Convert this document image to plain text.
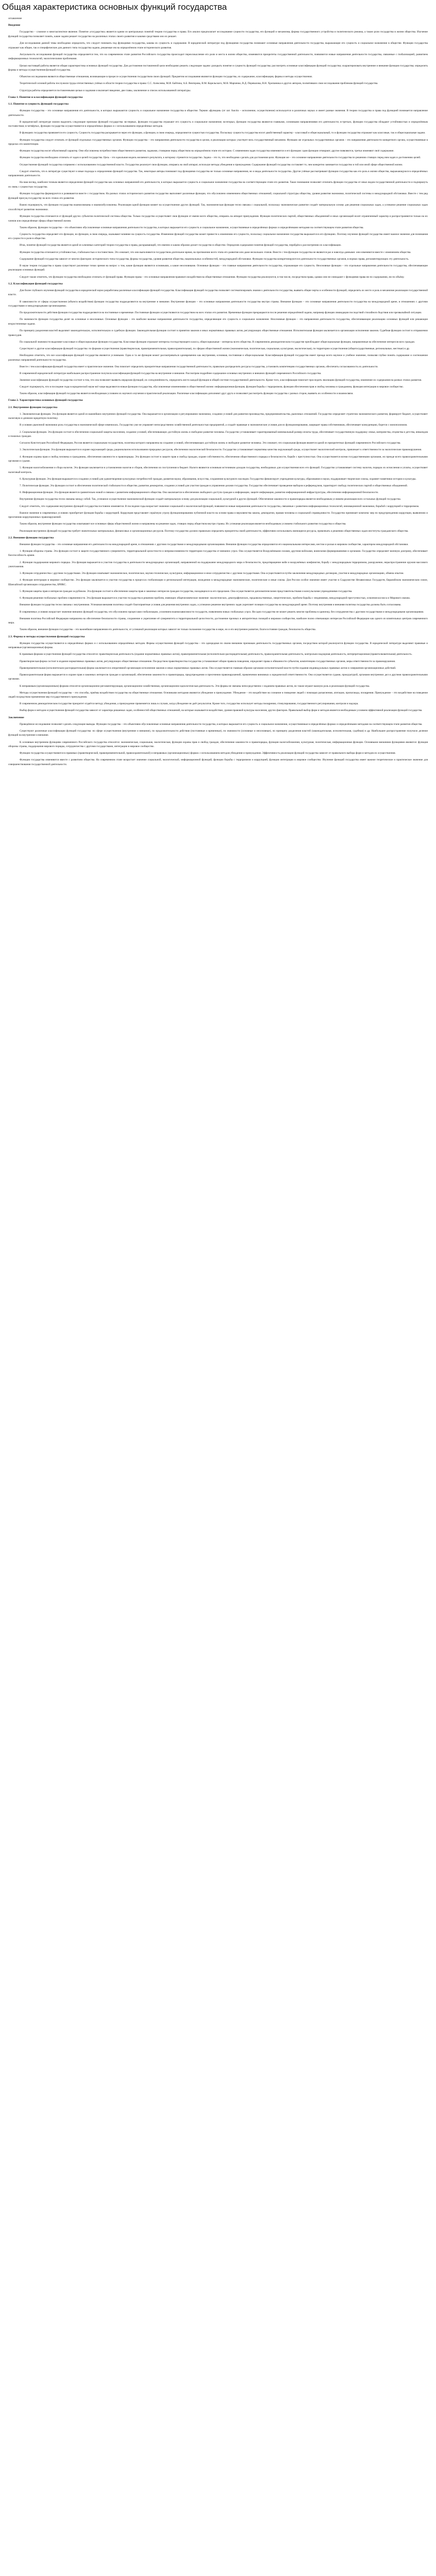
Общая характеристика основных функций государства

оглавление

Введение

Государство – сложное и многоаспектное явление. Понятие «государство» является одним из центральных понятий теории государства и права. Его анализ предполагает исследование сущности государства, его функций и механизма, формы государственного устройства и политического режима, а также роли государства в жизни общества. Изучение функций государства позволяет понять, какие задачи решает государство на различных этапах своего развития и какими средствами оно их решает.

Для исследования данной темы необходимо определить, что следует понимать под функциями государства, какова их сущность и содержание. В юридической литературе под функциями государства понимают основные направления деятельности государства, выражающие его сущность и социальное назначение в обществе. Функции государства отражают как общие, так и специфические для данного типа государства задачи, решаемые им на определённом этапе исторического развития.

Актуальность исследования функций государства определяется тем, что на современном этапе развития Российского государства происходит переосмысление его роли и места в жизни общества, изменяются приоритеты государственной деятельности, появляются новые направления деятельности государства, связанные с глобализацией, развитием информационных технологий, экологическими проблемами.

Целью настоящей работы является общая характеристика основных функций государства. Для достижения поставленной цели необходимо решить следующие задачи: раскрыть понятие и сущность функций государства; рассмотреть основные классификации функций государства; охарактеризовать внутренние и внешние функции государства; определить формы и методы осуществления функций государства.

Объектом исследования являются общественные отношения, возникающие в процессе осуществления государством своих функций. Предметом исследования являются функции государства, их содержание, классификация, формы и методы осуществления.

Теоретической основой работы послужили труды отечественных учёных в области теории государства и права: С.С. Алексеева, М.И. Байтина, А.Б. Венгерова, В.М. Корельского, М.Н. Марченко, В.Д. Перевалова, В.Н. Хропанюка и других авторов, посвятивших свои исследования проблемам функций государства.

Структура работы определяется поставленными целью и задачами и включает введение, две главы, заключение и список использованной литературы.

Глава 1. Понятие и классификация функций государства

1.1. Понятие и сущность функций государства

Функции государства – это основные направления его деятельности, в которых выражаются сущность и социальное назначение государства в обществе. Термин «функция» (от лат. functio – исполнение, осуществление) используется в различных науках и имеет разные значения. В теории государства и права под функцией понимается направление деятельности.

В юридической литературе можно выделить следующие признаки функций государства: во-первых, функции государства отражают его сущность и социальное назначение; во-вторых, функции государства являются главными, основными направлениями его деятельности; в-третьих, функции государства обладают устойчивостью и определённым постоянством; в-четвёртых, функции государства осуществляются в определённых формах и с использованием определённых методов.

В функциях государства проявляется его сущность. Сущность государства раскрывается через его функции, а функции, в свою очередь, определяются сущностью государства. Поскольку сущность государства носит двойственный характер – классовый и общесоциальный, то и функции государства отражают как классовые, так и общесоциальные задачи.

Функции государства следует отличать от функций отдельных государственных органов. Функции государства – это направления деятельности государства в целом, в реализации которых участвует весь государственный механизм. Функции же отдельных государственных органов – это направления деятельности конкретного органа, осуществляемые в пределах его компетенции.

Функции государства носят объективный характер. Они обусловлены потребностями общественного развития, задачами, стоящими перед обществом на определённом этапе его истории. С изменением задач государства изменяются и его функции: одни функции отмирают, другие появляются, третьи изменяют своё содержание.

Функции государства необходимо отличать от задач и целей государства. Цель – это идеальная модель желаемого результата, к которому стремится государство. Задача – это то, что необходимо сделать для достижения цели. Функция же – это основное направление деятельности государства по решению стоящих перед ним задач и достижению целей.

Осуществление функций государства сопряжено с использованием государственной власти. Государство реализует свои функции, опираясь на свой аппарат, используя методы убеждения и принуждения. Содержание функций государства составляет то, чем конкретно занимается государство в той или иной сфере общественной жизни.

Следует отметить, что в литературе существуют и иные подходы к определению функций государства. Так, некоторые авторы понимают под функциями государства не только основные направления, но и виды деятельности государства. Другие учёные рассматривают функции государства как его роль в жизни общества, выражающуюся в определённых направлениях деятельности.

На наш взгляд, наиболее точным является определение функций государства как основных направлений его деятельности, в которых выражается сущность и социальное назначение государства на соответствующем этапе его развития. Такое понимание позволяет отличить функции государства от иных видов государственной деятельности и подчеркнуть их связь с сущностью государства.

Функции государства формируются и развиваются вместе с государством. На разных этапах исторического развития государство выполняет различные функции, что обусловлено изменением общественных отношений, социальной структуры общества, уровня развития экономики, политической системы и международной обстановки. Вместе с тем ряд функций присущ государству на всех этапах его развития.

Важно подчеркнуть, что функции государства взаимосвязаны и взаимообусловлены. Реализация одной функции влияет на осуществление других функций. Так, экономическая функция тесно связана с социальной, поскольку экономическое развитие создаёт материальную основу для решения социальных задач, а успешное решение социальных задач способствует развитию экономики.

Функции государства отличаются от функций других субъектов политической системы общества. Только государство осуществляет свои функции от имени всего общества, опираясь на аппарат принуждения. Функции политических партий, общественных объединений и иных организаций носят ограниченный характер и распространяются только на их членов или определённые сферы общественной жизни.

Таким образом, функции государства – это объективно обусловленные основные направления деятельности государства, в которых выражается его сущность и социальное назначение, осуществляемые в определённых формах и определёнными методами на соответствующем этапе развития общества.

Сущность государства определяет его функции, но функции, в свою очередь, оказывают влияние на сущность государства. Изменение функций государства может привести к изменению его сущности, поскольку социальное назначение государства выражается в его функциях. Поэтому изучение функций государства имеет важное значение для понимания его сущности и роли в обществе.

Итак, понятие функций государства является одной из ключевых категорий теории государства и права, раскрывающей, что именно и каким образом делает государство в обществе. Определив содержание понятия функций государства, перейдём к рассмотрению их классификации.

Функции государства отличаются устойчивостью, стабильностью и постоянством. Это означает, что они выполняются государством длительное время, на протяжении всего этапа его развития или даже нескольких этапов. Вместе с тем функции государства не являются раз и навсегда данными: они изменяются вместе с изменением общества.

Содержание функций государства зависит от многих факторов: исторического типа государства, формы государства, уровня развития общества, национальных особенностей, международной обстановки. Функции государства конкретизируются в деятельности государственных органов, в нормах права, регламентирующих эту деятельность.

В науке теории государства и права существуют различные точки зрения на вопрос о том, какие функции являются основными, а какие неосновными. Основные функции – это главные направления деятельности государства, отражающие его сущность. Неосновные функции – это отдельные направления деятельности государства, обеспечивающие реализацию основных функций.

Следует также отметить, что функции государства необходимо отличать от функций права. Функции права – это основные направления правового воздействия на общественные отношения. Функции государства реализуются, в том числе, посредством права, однако они не совпадают с функциями права ни по содержанию, ни по объёму.

1.2. Классификация функций государства

Для более глубокого изучения функций государства в юридической науке разработаны различные классификации функций государства. Классификация функций государства позволяет систематизировать знания о деятельности государства, выявить общие черты и особенности функций, определить их место и роль в механизме реализации государственной власти.

В зависимости от сферы осуществления (объекта воздействия) функции государства подразделяются на внутренние и внешние. Внутренние функции – это основные направления деятельности государства внутри страны. Внешние функции – это основные направления деятельности государства на международной арене, в отношениях с другими государствами и международными организациями.

По продолжительности действия функции государства подразделяются на постоянные и временные. Постоянные функции осуществляются государством на всех этапах его развития. Временные функции прекращаются после решения определённой задачи, например функция ликвидации последствий стихийного бедствия или чрезвычайной ситуации.

По значимости функции государства делят на основные и неосновные. Основные функции – это наиболее важные направления деятельности государства, определяющие его сущность и социальное назначение. Неосновные функции – это направления деятельности государства, обеспечивающие реализацию основных функций или решающие второстепенные задачи.

По принципу разделения властей выделяют законодательную, исполнительную и судебную функции. Законодательная функция состоит в принятии законов и иных нормативных правовых актов, регулирующих общественные отношения. Исполнительная функция заключается в организации исполнения законов. Судебная функция состоит в отправлении правосудия.

По социальной значимости выделяют классовые и общесоциальные функции государства. Классовые функции отражают интересы господствующего класса, общесоциальные – интересы всего общества. В современном демократическом государстве преобладают общесоциальные функции, направленные на обеспечение интересов всех граждан.

Существуют и другие классификации функций государства: по формам осуществления (правотворческая, правоприменительная, правоохранительная), по сферам общественной жизни (экономическая, политическая, социальная, культурная, экологическая), по территории осуществления (общегосударственные, региональные, местные) и др.

Необходимо отметить, что все классификации функций государства являются условными. Одна и та же функция может рассматриваться одновременно как внутренняя, основная, постоянная и общесоциальная. Классификация функций государства имеет прежде всего научное и учебное значение, позволяя глубже понять содержание и соотношение различных направлений деятельности государства.

Вместе с тем классификация функций государства имеет и практическое значение. Она помогает определить приоритетные направления государственной деятельности, правильно распределить ресурсы государства, установить компетенцию государственных органов, обеспечить согласованность их деятельности.

В современной юридической литературе наибольшее распространение получила классификация функций государства на внутренние и внешние. Рассмотрим подробнее содержание основных внутренних и внешних функций современного Российского государства.

Значение классификации функций государства состоит в том, что она позволяет выявить иерархию функций, их соподчинённость, определить место каждой функции в общей системе государственной деятельности. Кроме того, классификация помогает проследить эволюцию функций государства, изменение их содержания на разных этапах развития.

Следует подчеркнуть, что в последние годы в юридической науке всё чаще выделяются новые функции государства, обусловленные изменениями в общественной жизни: информационная функция, функция борьбы с терроризмом, функция обеспечения прав и свобод человека и гражданина, функция интеграции в мировое сообщество.

Таким образом, классификация функций государства является необходимым условием их научного изучения и практической реализации. Различные классификации дополняют друг друга и позволяют рассмотреть функции государства с разных сторон, выявить их особенности и взаимосвязи.

Глава 2. Характеристика основных функций государства

2.1. Внутренние функции государства

1. Экономическая функция. Эта функция является одной из важнейших внутренних функций государства. Она выражается в организации и регулировании экономики, создании условий для развития производства, предпринимательства, рыночных отношений. Государство определяет стратегию экономического развития, формирует бюджет, осуществляет налоговую и денежно-кредитную политику.

В условиях рыночной экономики роль государства в экономической сфере изменилась. Государство уже не управляет непосредственно хозяйственной деятельностью предприятий, а создаёт правовые и экономические условия для их функционирования, защищает права собственников, обеспечивает конкуренцию, борется с монополизмом.

2. Социальная функция. Эта функция состоит в обеспечении социальной защиты населения, создании условий, обеспечивающих достойную жизнь и свободное развитие человека. Государство устанавливает гарантированный минимальный размер оплаты труда, обеспечивает государственную поддержку семьи, материнства, отцовства и детства, инвалидов и пожилых граждан.

Согласно Конституции Российской Федерации, Россия является социальным государством, политика которого направлена на создание условий, обеспечивающих достойную жизнь и свободное развитие человека. Это означает, что социальная функция является одной из приоритетных функций современного Российского государства.

3. Экологическая функция. Эта функция выражается в охране окружающей среды, рациональном использовании природных ресурсов, обеспечении экологической безопасности. Государство устанавливает нормативы качества окружающей среды, осуществляет экологический контроль, привлекает к ответственности за экологические правонарушения.

4. Функция охраны прав и свобод человека и гражданина, обеспечения законности и правопорядка. Эта функция состоит в защите прав и свобод граждан, охране собственности, обеспечении общественного порядка и безопасности, борьбе с преступностью. Она осуществляется всеми государственными органами, но прежде всего правоохранительными органами и судами.

5. Функция налогообложения и сбора налогов. Эта функция заключается в установлении налогов и сборов, обеспечении их поступления в бюджет. Налоги являются основным источником доходов государства, необходимых для осуществления всех его функций. Государство устанавливает систему налогов, порядок их исчисления и уплаты, осуществляет налоговый контроль.

6. Культурная функция. Эта функция выражается в создании условий для удовлетворения культурных потребностей граждан, развития науки, образования, искусства, сохранения культурного наследия. Государство финансирует учреждения культуры, образования и науки, поддерживает творческие союзы, охраняет памятники истории и культуры.

7. Политическая функция. Эта функция состоит в обеспечении политической стабильности в обществе, развитии демократии, создании условий для участия граждан в управлении делами государства. Государство обеспечивает проведение выборов и референдумов, гарантирует свободу политических партий и общественных объединений.

8. Информационная функция. Эта функция является сравнительно новой и связана с развитием информационного общества. Она заключается в обеспечении свободного доступа граждан к информации, защите информации, развитии информационной инфраструктуры, обеспечении информационной безопасности.

Внутренние функции государства тесно связаны между собой. Так, успешное осуществление экономической функции создаёт материальную основу для реализации социальной, культурной и других функций. Обеспечение законности и правопорядка является необходимым условием реализации всех остальных функций государства.

Следует отметить, что содержание внутренних функций государства постоянно изменяется. В последние годы возрастает значение социальной и экологической функций, появляются новые направления деятельности государства, связанные с развитием информационных технологий, инновационной экономики, борьбой с коррупцией и терроризмом.

Важное значение в современных условиях приобретает функция борьбы с коррупцией. Коррупция представляет серьёзную угрозу функционированию публичной власти на основе права и верховенства закона, демократии, правам человека и социальной справедливости. Государство принимает комплекс мер по предупреждению коррупции, выявлению и пресечению коррупционных правонарушений.

Таким образом, внутренние функции государства охватывают все основные сферы общественной жизни и направлены на решение задач, стоящих перед обществом внутри страны. Их успешная реализация является необходимым условием стабильного развития государства и общества.

Реализация внутренних функций государства требует значительных материальных, финансовых и организационных ресурсов. Поэтому государство должно правильно определять приоритеты своей деятельности, эффективно использовать имеющиеся ресурсы, привлекать к решению общественных задач институты гражданского общества.

2.2. Внешние функции государства

Внешние функции государства – это основные направления его деятельности на международной арене, в отношениях с другими государствами и международными организациями. Внешние функции государства определяются его национальными интересами, местом и ролью в мировом сообществе, характером международной обстановки.

1. Функция обороны страны. Эта функция состоит в защите государственного суверенитета, территориальной целостности и неприкосновенности территории государства от внешних угроз. Она осуществляется Вооружёнными силами, другими войсками, воинскими формированиями и органами. Государство определяет военную доктрину, обеспечивает боеспособность армии.

2. Функция поддержания мирового порядка. Эта функция выражается в участии государства в деятельности международных организаций, направленной на поддержание международного мира и безопасности, предотвращение войн и вооружённых конфликтов, борьбу с международным терроризмом, разоружение, нераспространение оружия массового уничтожения.

3. Функция сотрудничества с другими государствами. Эта функция охватывает экономическое, политическое, научно-техническое, культурное, информационное и иное сотрудничество с другими государствами. Она осуществляется путём заключения международных договоров, участия в международных организациях, обмена опытом.

4. Функция интеграции в мировое сообщество. Эта функция заключается в участии государства в процессах глобализации и региональной интеграции, вхождении в международные экономические, политические и иные союзы. Для России особое значение имеет участие в Содружестве Независимых Государств, Евразийском экономическом союзе, Шанхайской организации сотрудничества, БРИКС.

5. Функция защиты прав и интересов граждан за рубежом. Эта функция состоит в обеспечении защиты прав и законных интересов граждан государства, находящихся за его пределами. Она осуществляется дипломатическими представительствами и консульскими учреждениями государства.

6. Функция решения глобальных проблем современности. Эта функция выражается в участии государства в решении проблем, имеющих общечеловеческое значение: экологических, демографических, продовольственных, энергетических, проблем борьбы с эпидемиями, международной преступностью, освоения космоса и Мирового океана.

Внешние функции государства тесно связаны с внутренними. Успешная внешняя политика создаёт благоприятные условия для решения внутренних задач, а успешное решение внутренних задач укрепляет позиции государства на международной арене. Поэтому внутренняя и внешняя политика государства должны быть согласованы.

В современных условиях возрастает значение внешних функций государства, что обусловлено процессами глобализации, усилением взаимозависимости государств, появлением новых глобальных угроз. Ни одно государство не может решить многие проблемы в одиночку, без сотрудничества с другими государствами и международными организациями.

Внешняя политика Российской Федерации направлена на обеспечение безопасности страны, сохранение и укрепление её суверенитета и территориальной целостности, достижение прочных и авторитетных позиций в мировом сообществе, наиболее полно отвечающих интересам Российской Федерации как одного из влиятельных центров современного мира.

Таким образом, внешние функции государства – это важнейшие направления его деятельности, от успешной реализации которых зависит не только положение государства в мире, но и его внутреннее развитие, благосостояние граждан, безопасность общества.

2.3. Формы и методы осуществления функций государства

Функции государства осуществляются в определённых формах и с использованием определённых методов. Формы осуществления функций государства – это однородная по своим внешним признакам деятельность государственных органов, посредством которой реализуются функции государства. В юридической литературе выделяют правовые и неправовые (организационные) формы.

К правовым формам осуществления функций государства относятся: правотворческая деятельность (издание нормативных правовых актов), правоприменительная (исполнительно-распорядительная) деятельность, правоохранительная деятельность, контрольно-надзорная деятельность, интерпретационная (правотолковательная) деятельность.

Правотворческая форма состоит в издании нормативных правовых актов, регулирующих общественные отношения. Посредством правотворчества государство устанавливает общие правила поведения, определяет права и обязанности субъектов, компетенцию государственных органов, меры ответственности за правонарушения.

Правоприменительная (исполнительно-распорядительная) форма заключается в оперативной организации исполнения законов и иных нормативных правовых актов. Она осуществляется главным образом органами исполнительной власти путём издания индивидуальных правовых актов и совершения организационных действий.

Правоохранительная форма выражается в охране прав и законных интересов граждан и организаций, обеспечении законности и правопорядка, предупреждении и пресечении правонарушений, привлечении виновных к юридической ответственности. Она осуществляется судами, прокуратурой, органами внутренних дел и другими правоохранительными органами.

К неправовым (организационным) формам относятся организационно-регламентирующая, организационно-хозяйственная, организационно-идеологическая деятельность. Эти формы не связаны непосредственно с изданием правовых актов, но также играют важную роль в реализации функций государства.

Методы осуществления функций государства – это способы, приёмы воздействия государства на общественные отношения. Основными методами являются убеждение и принуждение. Убеждение – это воздействие на сознание и поведение людей с помощью разъяснения, агитации, пропаганды, поощрения. Принуждение – это воздействие на поведение людей посредством применения мер государственного принуждения.

В современном демократическом государстве приоритет отдаётся методу убеждения, а принуждение применяется лишь в случаях, когда убеждение не даёт результатов. Кроме того, государство использует методы поощрения, стимулирования, государственного регулирования, контроля и надзора.

Выбор форм и методов осуществления функций государства зависит от характера решаемых задач, особенностей общественных отношений, на которые оказывается воздействие, уровня правовой культуры населения, других факторов. Правильный выбор форм и методов является необходимым условием эффективной реализации функций государства.

Заключение

Проведённое исследование позволяет сделать следующие выводы. Функции государства – это объективно обусловленные основные направления деятельности государства, в которых выражается его сущность и социальное назначение, осуществляемые в определённых формах и определёнными методами на соответствующем этапе развития общества.

Существуют различные классификации функций государства: по сфере осуществления (внутренние и внешние), по продолжительности действия (постоянные и временные), по значимости (основные и неосновные), по принципу разделения властей (законодательная, исполнительная, судебная) и др. Наибольшее распространение получило деление функций на внутренние и внешние.

К основным внутренним функциям современного Российского государства относятся: экономическая, социальная, экологическая, функция охраны прав и свобод граждан, обеспечения законности и правопорядка, функция налогообложения, культурная, политическая, информационная функции. Основными внешними функциями являются: функция обороны страны, поддержания мирового порядка, сотрудничества с другими государствами, интеграции в мировое сообщество.

Функции государства осуществляются в правовых (правотворческой, правоприменительной, правоохранительной) и неправовых (организационных) формах с использованием методов убеждения и принуждения. Эффективность реализации функций государства зависит от правильного выбора форм и методов их осуществления.

Функции государства изменяются вместе с развитием общества. На современном этапе возрастает значение социальной, экологической, информационной функций, функции борьбы с терроризмом и коррупцией, функции интеграции в мировое сообщество. Изучение функций государства имеет важное теоретическое и практическое значение для совершенствования государственной деятельности.
